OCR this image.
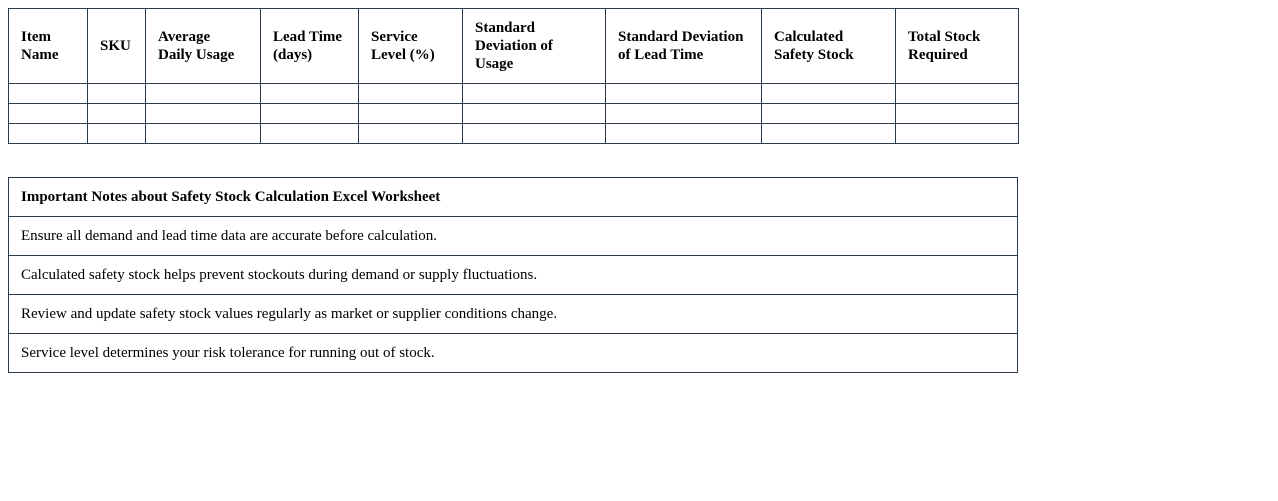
Item Name	SKU	Average Daily Usage	Lead Time (days)	Service Level (%)	Standard Deviation of Usage	Standard Deviation of Lead Time	Calculated Safety Stock	Total Stock Required

Important Notes about Safety Stock Calculation Excel Worksheet
Ensure all demand and lead time data are accurate before calculation.
Calculated safety stock helps prevent stockouts during demand or supply fluctuations.
Review and update safety stock values regularly as market or supplier conditions change.
Service level determines your risk tolerance for running out of stock.
